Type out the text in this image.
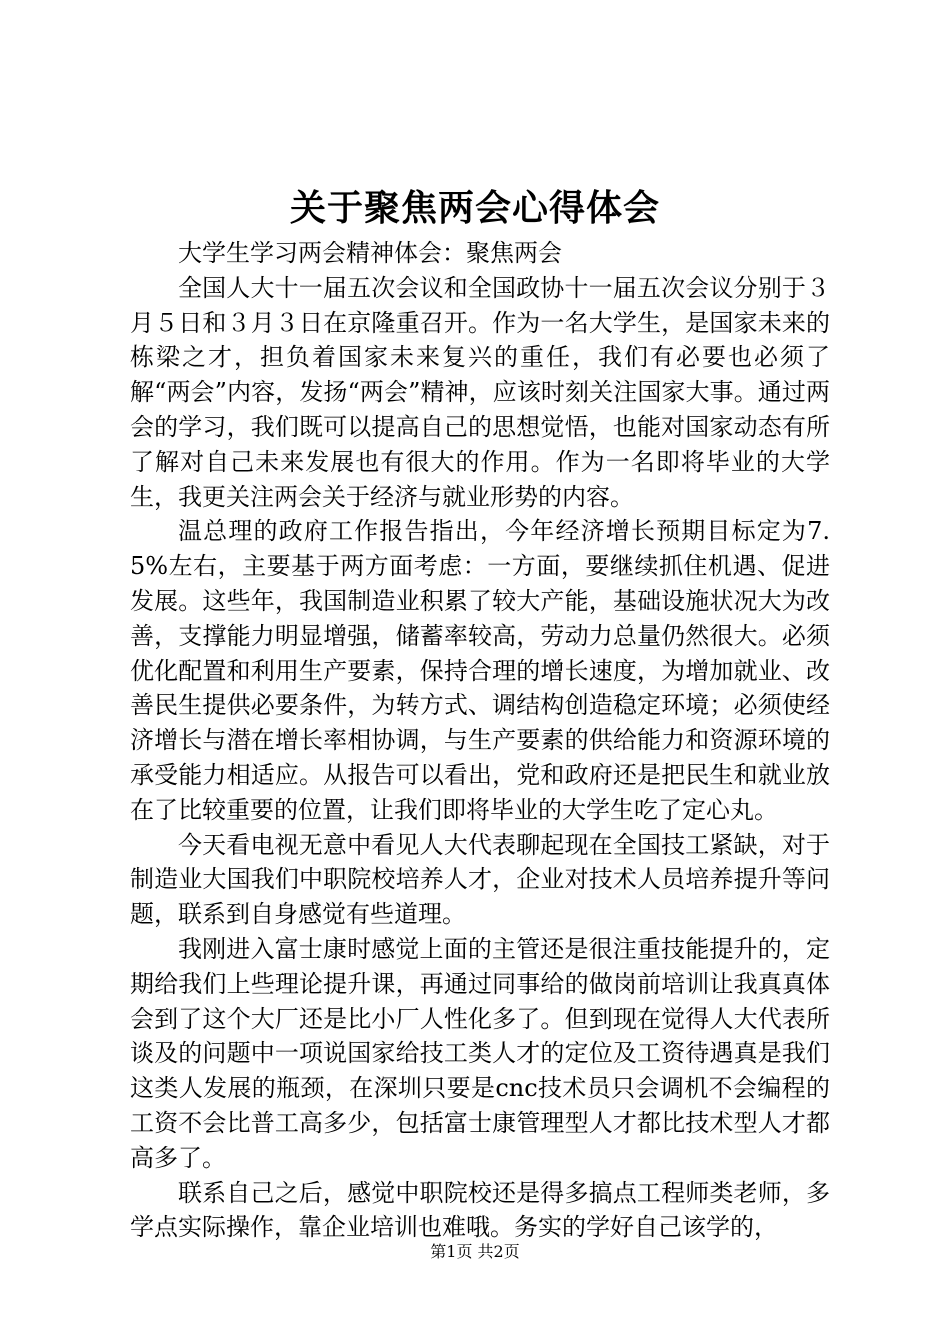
关于聚焦两会心得体会

大学生学习两会精神体会：聚焦两会

全国人大十一届五次会议和全国政协十一届五次会议分别于３月５日和３月３日在京隆重召开。作为一名大学生，是国家未来的栋梁之才，担负着国家未来复兴的重任，我们有必要也必须了解“两会”内容，发扬“两会”精神，应该时刻关注国家大事。通过两会的学习，我们既可以提高自己的思想觉悟，也能对国家动态有所了解对自己未来发展也有很大的作用。作为一名即将毕业的大学生，我更关注两会关于经济与就业形势的内容。

温总理的政府工作报告指出，今年经济增长预期目标定为7.5%左右，主要基于两方面考虑：一方面，要继续抓住机遇、促进发展。这些年，我国制造业积累了较大产能，基础设施状况大为改善，支撑能力明显增强，储蓄率较高，劳动力总量仍然很大。必须优化配置和利用生产要素，保持合理的增长速度，为增加就业、改善民生提供必要条件，为转方式、调结构创造稳定环境；必须使经济增长与潜在增长率相协调，与生产要素的供给能力和资源环境的承受能力相适应。从报告可以看出，党和政府还是把民生和就业放在了比较重要的位置，让我们即将毕业的大学生吃了定心丸。

今天看电视无意中看见人大代表聊起现在全国技工紧缺，对于制造业大国我们中职院校培养人才，企业对技术人员培养提升等问题，联系到自身感觉有些道理。

我刚进入富士康时感觉上面的主管还是很注重技能提升的，定期给我们上些理论提升课，再通过同事给的做岗前培训让我真真体会到了这个大厂还是比小厂人性化多了。但到现在觉得人大代表所谈及的问题中一项说国家给技工类人才的定位及工资待遇真是我们这类人发展的瓶颈，在深圳只要是cnc技术员只会调机不会编程的工资不会比普工高多少，包括富士康管理型人才都比技术型人才都高多了。

联系自己之后，感觉中职院校还是得多搞点工程师类老师，多学点实际操作，靠企业培训也难哦。务实的学好自己该学的，

第1页 共2页
